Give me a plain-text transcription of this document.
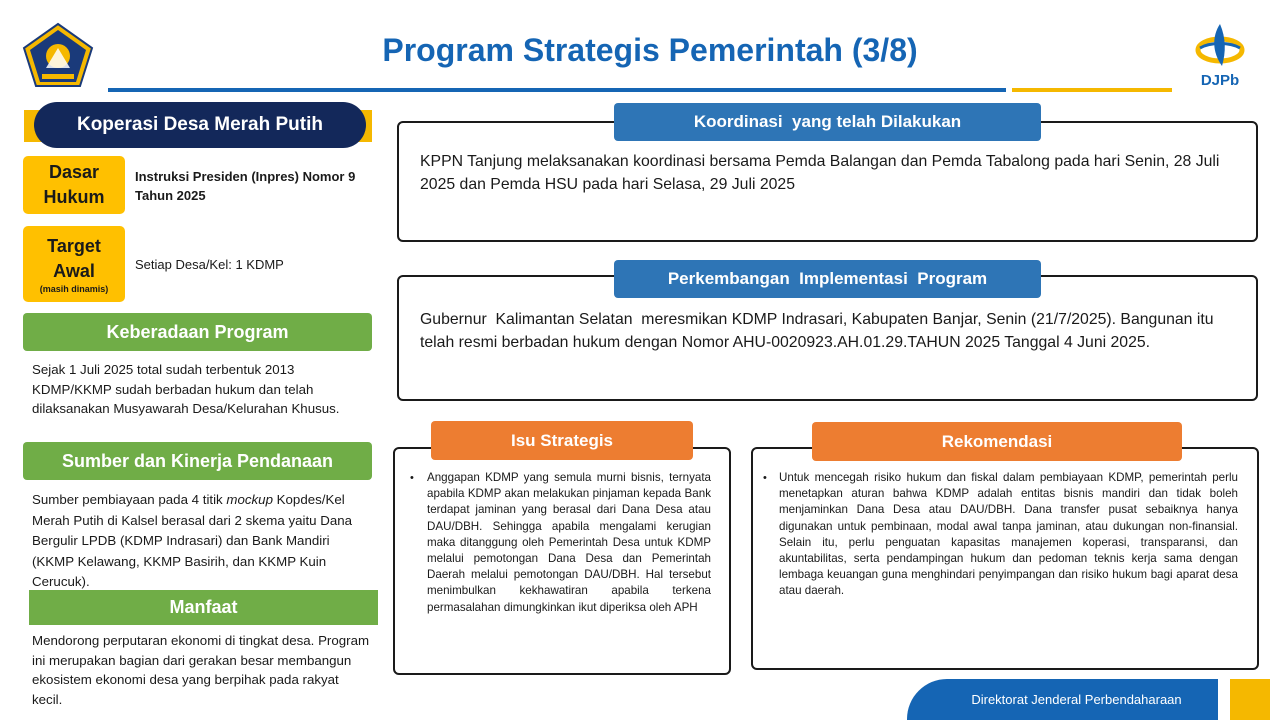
Program Strategis Pemerintah (3/8)
DJPb
Koperasi Desa Merah Putih
Dasar
Hukum
Instruksi Presiden (Inpres) Nomor 9 Tahun 2025
Target
Awal
(masih dinamis)
Setiap Desa/Kel: 1 KDMP
Keberadaan Program
Sejak 1 Juli 2025 total sudah terbentuk 2013 KDMP/KKMP sudah berbadan hukum dan telah dilaksanakan Musyawarah Desa/Kelurahan Khusus.
Sumber dan Kinerja Pendanaan
Sumber pembiayaan pada 4 titik mockup Kopdes/Kel Merah Putih di Kalsel berasal dari 2 skema yaitu Dana Bergulir LPDB (KDMP Indrasari) dan Bank Mandiri (KKMP Kelawang, KKMP Basirih, dan KKMP Kuin Cerucuk).
Manfaat
Mendorong perputaran ekonomi di tingkat desa. Program ini merupakan bagian dari gerakan besar membangun ekosistem ekonomi desa yang berpihak pada rakyat kecil.
Koordinasi  yang telah Dilakukan
KPPN Tanjung melaksanakan koordinasi bersama Pemda Balangan dan Pemda Tabalong pada hari Senin, 28 Juli 2025 dan Pemda HSU pada hari Selasa, 29 Juli 2025
Perkembangan  Implementasi  Program
Gubernur  Kalimantan Selatan  meresmikan KDMP Indrasari, Kabupaten Banjar, Senin (21/7/2025). Bangunan itu telah resmi berbadan hukum dengan Nomor AHU-0020923.AH.01.29.TAHUN 2025 Tanggal 4 Juni 2025.
Isu Strategis
• Anggapan KDMP yang semula murni bisnis, ternyata apabila KDMP akan melakukan pinjaman kepada Bank terdapat jaminan yang berasal dari Dana Desa atau DAU/DBH. Sehingga apabila mengalami kerugian maka ditanggung oleh Pemerintah Desa untuk KDMP melalui pemotongan Dana Desa dan Pemerintah Daerah melalui pemotongan DAU/DBH. Hal tersebut menimbulkan kekhawatiran apabila terkena permasalahan dimungkinkan ikut diperiksa oleh APH
Rekomendasi
• Untuk mencegah risiko hukum dan fiskal dalam pembiayaan KDMP, pemerintah perlu menetapkan aturan bahwa KDMP adalah entitas bisnis mandiri dan tidak boleh menjaminkan Dana Desa atau DAU/DBH. Dana transfer pusat sebaiknya hanya digunakan untuk pembinaan, modal awal tanpa jaminan, atau dukungan non-finansial. Selain itu, perlu penguatan kapasitas manajemen koperasi, transparansi, dan akuntabilitas, serta pendampingan hukum dan pedoman teknis kerja sama dengan lembaga keuangan guna menghindari penyimpangan dan risiko hukum bagi aparat desa atau daerah.
Direktorat Jenderal Perbendaharaan
